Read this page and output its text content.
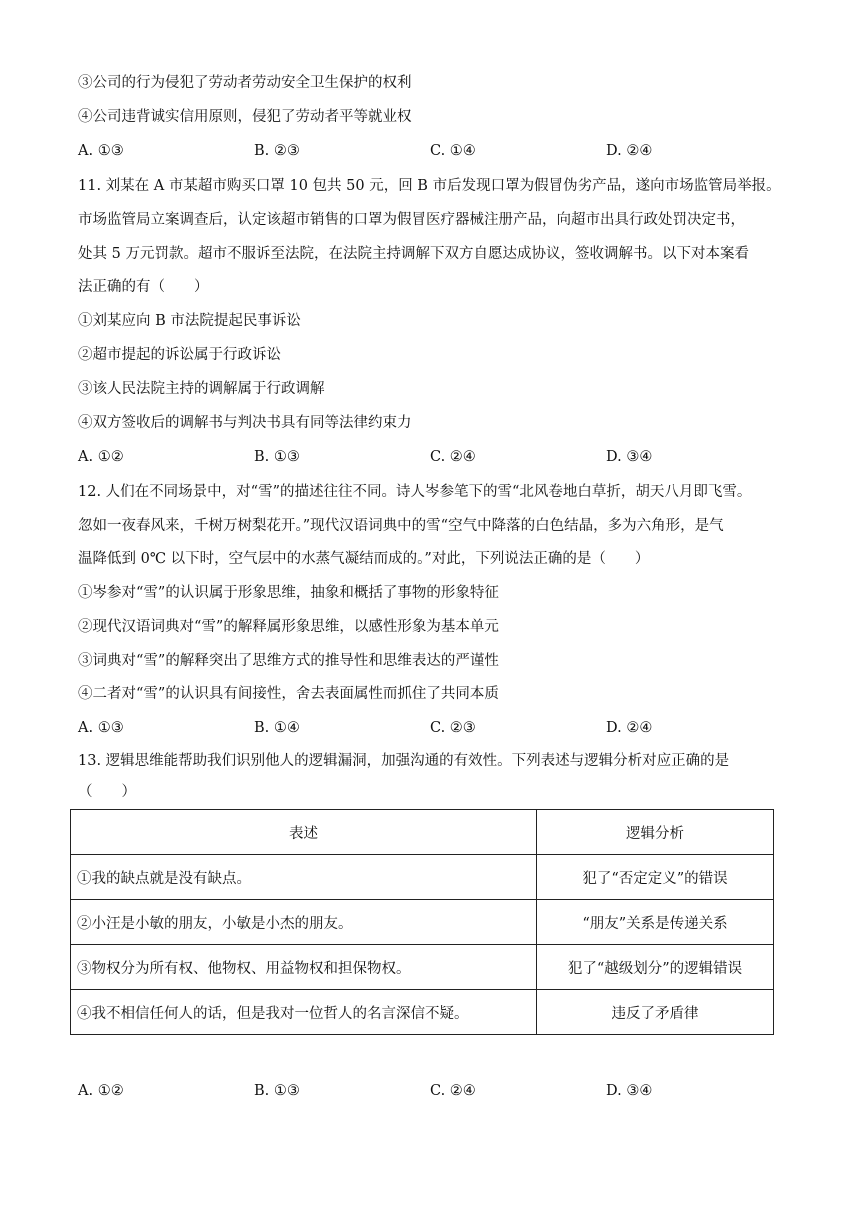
③公司的行为侵犯了劳动者劳动安全卫生保护的权利
④公司违背诚实信用原则，侵犯了劳动者平等就业权
A. ①③	B. ②③	C. ①④	D. ②④
11. 刘某在 A 市某超市购买口罩 10 包共 50 元，回 B 市后发现口罩为假冒伪劣产品，遂向市场监管局举报。
市场监管局立案调查后，认定该超市销售的口罩为假冒医疗器械注册产品，向超市出具行政处罚决定书，
处其 5 万元罚款。超市不服诉至法院，在法院主持调解下双方自愿达成协议，签收调解书。以下对本案看
法正确的有（　　）
①刘某应向 B 市法院提起民事诉讼
②超市提起的诉讼属于行政诉讼
③该人民法院主持的调解属于行政调解
④双方签收后的调解书与判决书具有同等法律约束力
A. ①②	B. ①③	C. ②④	D. ③④
12. 人们在不同场景中，对“雪”的描述往往不同。诗人岑参笔下的雪“北风卷地白草折，胡天八月即飞雪。
忽如一夜春风来，千树万树梨花开。”现代汉语词典中的雪“空气中降落的白色结晶，多为六角形，是气
温降低到 0℃ 以下时，空气层中的水蒸气凝结而成的。”对此，下列说法正确的是（　　）
①岑参对“雪”的认识属于形象思维，抽象和概括了事物的形象特征
②现代汉语词典对“雪”的解释属形象思维，以感性形象为基本单元
③词典对“雪”的解释突出了思维方式的推导性和思维表达的严谨性
④二者对“雪”的认识具有间接性，舍去表面属性而抓住了共同本质
A. ①③	B. ①④	C. ②③	D. ②④
13. 逻辑思维能帮助我们识别他人的逻辑漏洞，加强沟通的有效性。下列表述与逻辑分析对应正确的是
（　　）
表述	逻辑分析
①我的缺点就是没有缺点。	犯了“否定定义”的错误
②小汪是小敏的朋友，小敏是小杰的朋友。	“朋友”关系是传递关系
③物权分为所有权、他物权、用益物权和担保物权。	犯了“越级划分”的逻辑错误
④我不相信任何人的话，但是我对一位哲人的名言深信不疑。	违反了矛盾律
A. ①②	B. ①③	C. ②④	D. ③④
